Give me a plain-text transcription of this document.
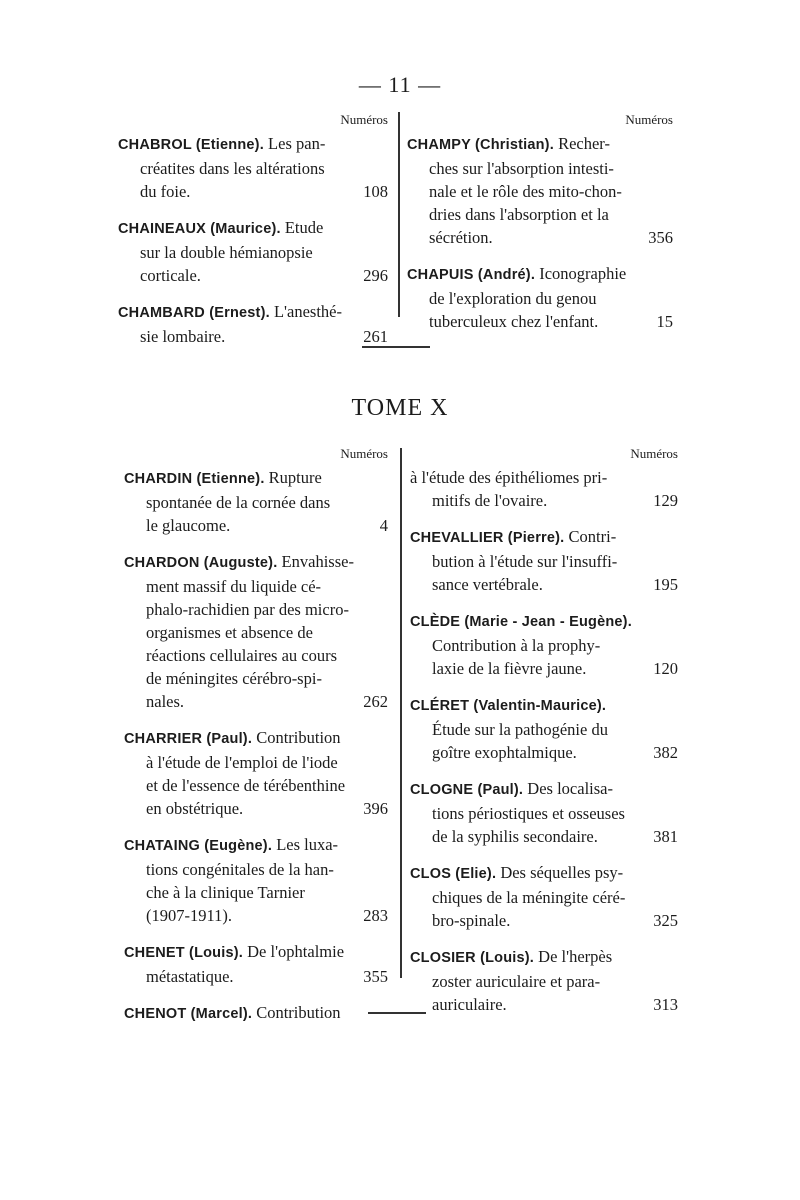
— 11 —
Numéros
CHABROL (Etienne). Les pan-
créatites dans les altérations
du foie.	108
CHAINEAUX (Maurice). Etude
sur la double hémianopsie
corticale.	296
CHAMBARD (Ernest). L'anesthé-
sie lombaire.	261
Numéros
CHAMPY (Christian). Recher-
ches sur l'absorption intesti-
nale et le rôle des mito-chon-
dries dans l'absorption et la
sécrétion.	356
CHAPUIS (André). Iconographie
de l'exploration du genou
tuberculeux chez l'enfant.	15
TOME X
Numéros
CHARDIN (Etienne). Rupture
spontanée de la cornée dans
le glaucome.	4
CHARDON (Auguste). Envahisse-
ment massif du liquide cé-
phalo-rachidien par des micro-
organismes et absence de
réactions cellulaires au cours
de méningites cérébro-spi-
nales.	262
CHARRIER (Paul). Contribution
à l'étude de l'emploi de l'iode
et de l'essence de térébenthine
en obstétrique.	396
CHATAING (Eugène). Les luxa-
tions congénitales de la han-
che à la clinique Tarnier
(1907-1911).	283
CHENET (Louis). De l'ophtalmie
métastatique.	355
CHENOT (Marcel). Contribution
Numéros
à l'étude des épithéliomes pri-
mitifs de l'ovaire.	129
CHEVALLIER (Pierre). Contri-
bution à l'étude sur l'insuffi-
sance vertébrale.	195
CLÈDE (Marie - Jean - Eugène).
Contribution à la prophy-
laxie de la fièvre jaune.	120
CLÉRET (Valentin-Maurice).
Étude sur la pathogénie du
goître exophtalmique.	382
CLOGNE (Paul). Des localisa-
tions périostiques et osseuses
de la syphilis secondaire.	381
CLOS (Elie). Des séquelles psy-
chiques de la méningite céré-
bro-spinale.	325
CLOSIER (Louis). De l'herpès
zoster auriculaire et para-
auriculaire.	313
